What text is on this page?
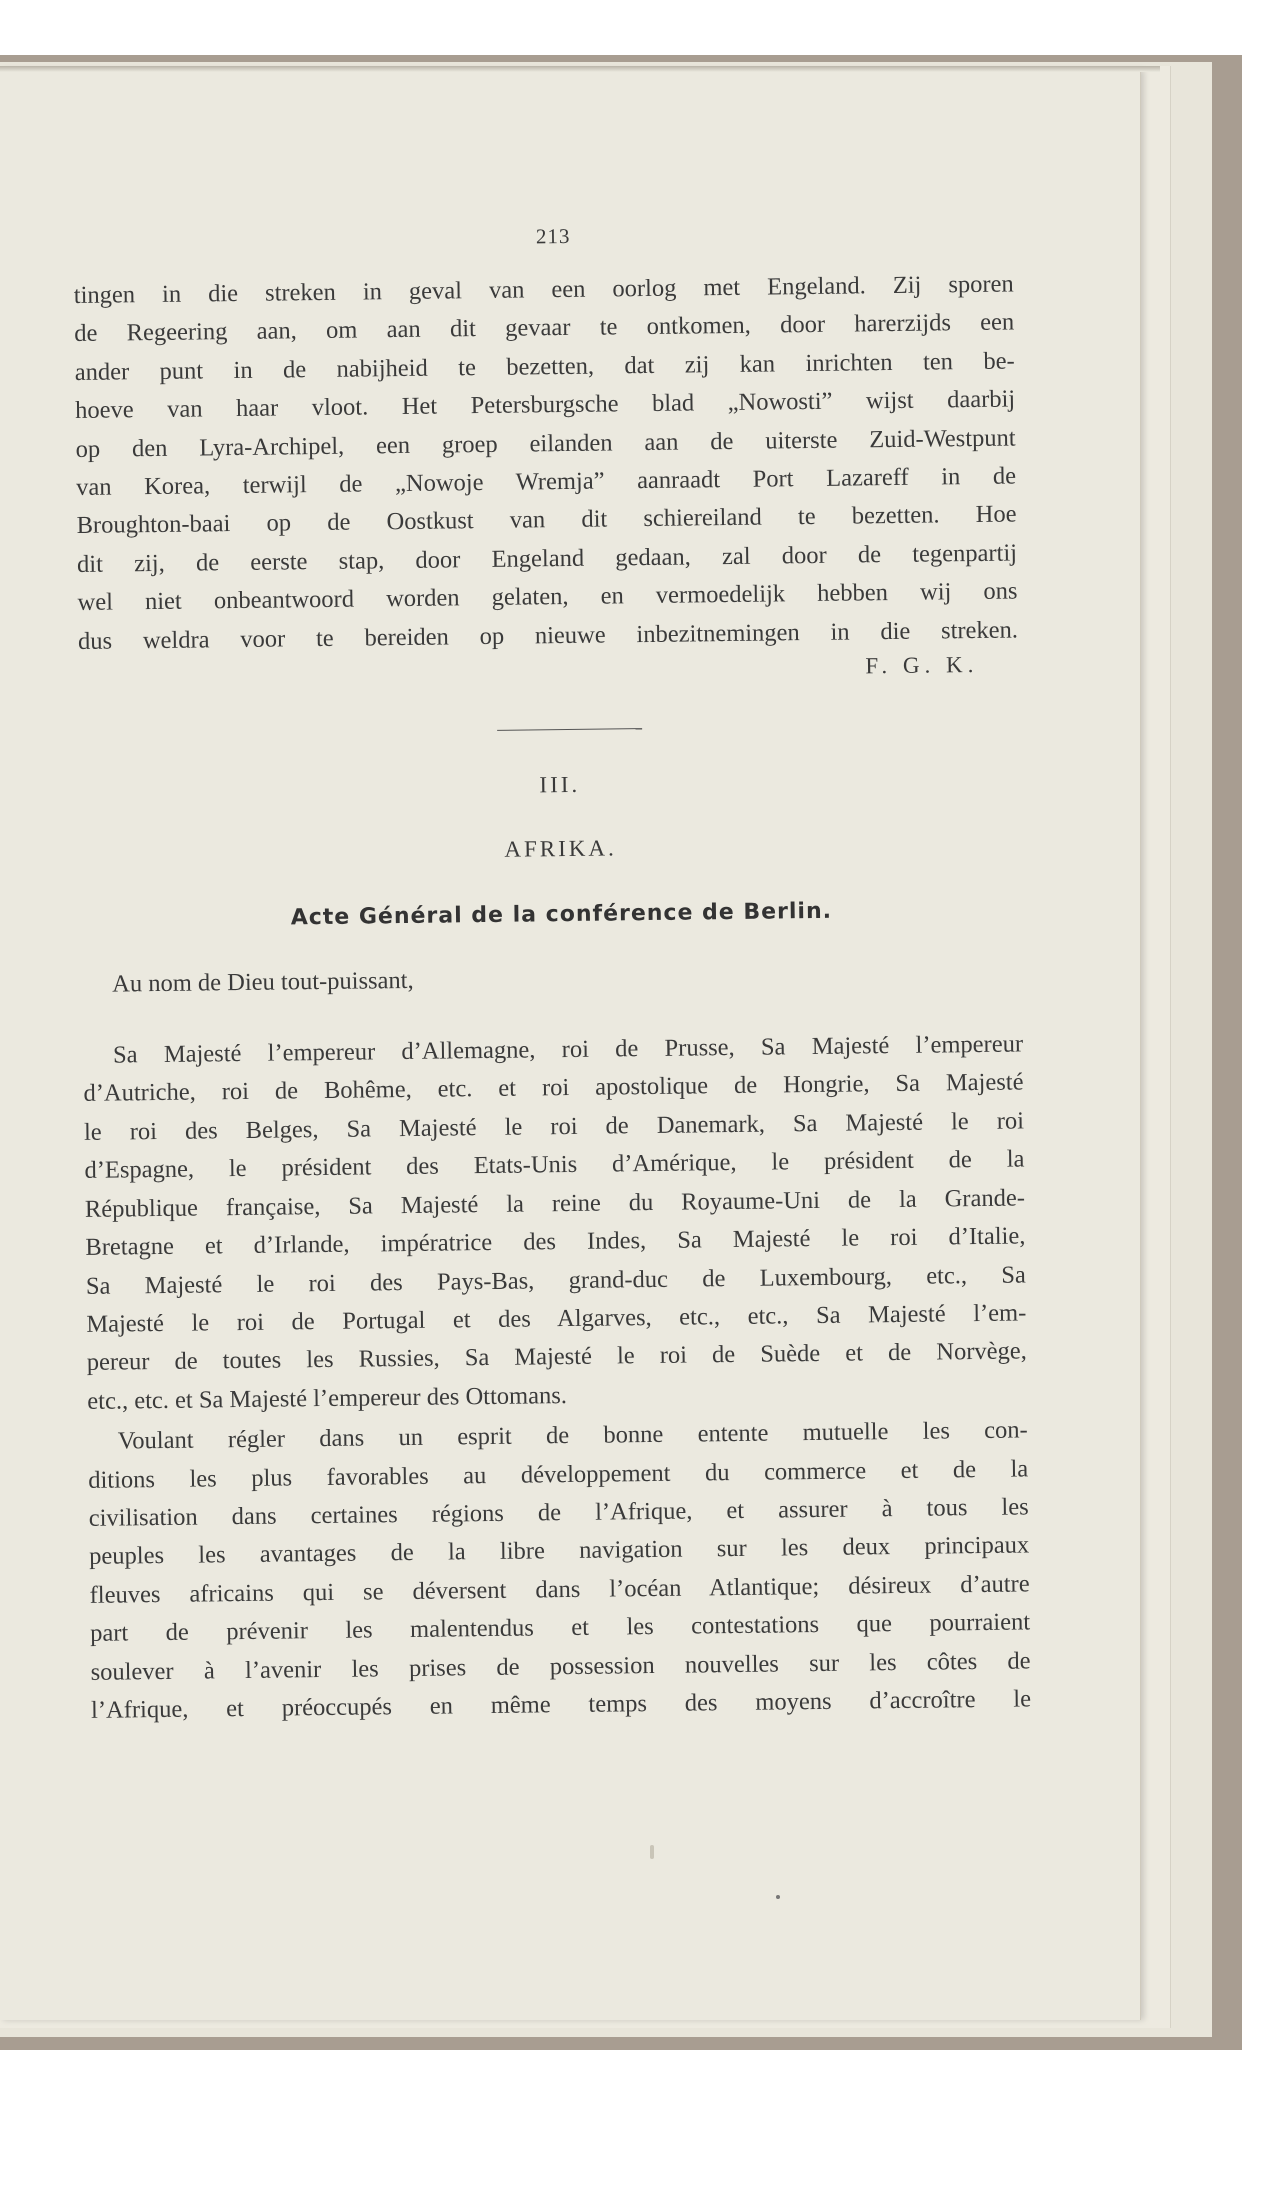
213
tingen in die streken in geval van een oorlog met Engeland. Zij sporen
de Regeering aan, om aan dit gevaar te ontkomen, door harerzijds een
ander punt in de nabijheid te bezetten, dat zij kan inrichten ten be-
hoeve van haar vloot. Het Petersburgsche blad „Nowosti” wijst daarbij
op den Lyra-Archipel, een groep eilanden aan de uiterste Zuid-Westpunt
van Korea, terwijl de „Nowoje Wremja” aanraadt Port Lazareff in de
Broughton-baai op de Oostkust van dit schiereiland te bezetten. Hoe
dit zij, de eerste stap, door Engeland gedaan, zal door de tegenpartij
wel niet onbeantwoord worden gelaten, en vermoedelijk hebben wij ons
dus weldra voor te bereiden op nieuwe inbezitnemingen in die streken.
F. G. K.
III.
AFRIKA.
Acte Général de la conférence de Berlin.
Au nom de Dieu tout-puissant,
Sa Majesté l’empereur d’Allemagne, roi de Prusse, Sa Majesté l’empereur
d’Autriche, roi de Bohême, etc. et roi apostolique de Hongrie, Sa Majesté
le roi des Belges, Sa Majesté le roi de Danemark, Sa Majesté le roi
d’Espagne, le président des Etats-Unis d’Amérique, le président de la
République française, Sa Majesté la reine du Royaume-Uni de la Grande-
Bretagne et d’Irlande, impératrice des Indes, Sa Majesté le roi d’Italie,
Sa Majesté le roi des Pays-Bas, grand-duc de Luxembourg, etc., Sa
Majesté le roi de Portugal et des Algarves, etc., etc., Sa Majesté l’em-
pereur de toutes les Russies, Sa Majesté le roi de Suède et de Norvège,
etc., etc. et Sa Majesté l’empereur des Ottomans.
Voulant régler dans un esprit de bonne entente mutuelle les con-
ditions les plus favorables au développement du commerce et de la
civilisation dans certaines régions de l’Afrique, et assurer à tous les
peuples les avantages de la libre navigation sur les deux principaux
fleuves africains qui se déversent dans l’océan Atlantique; désireux d’autre
part de prévenir les malentendus et les contestations que pourraient
soulever à l’avenir les prises de possession nouvelles sur les côtes de
l’Afrique, et préoccupés en même temps des moyens d’accroître le
